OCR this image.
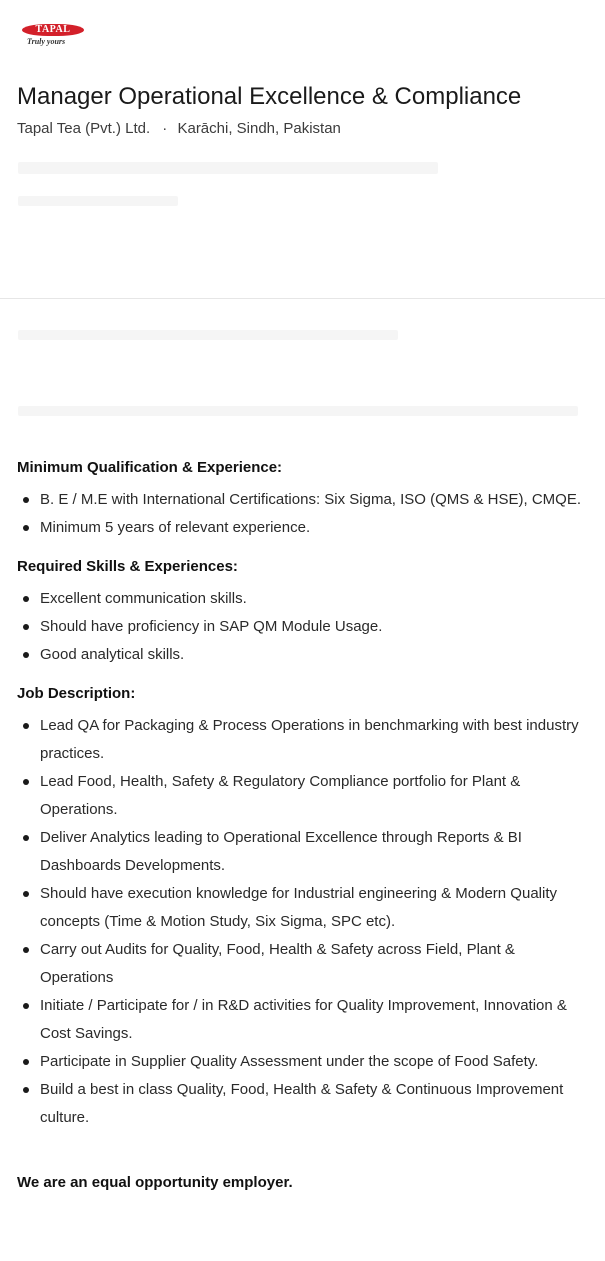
TAPAL
Truly yours
Manager Operational Excellence & Compliance
Tapal Tea (Pvt.) Ltd. · Karāchi, Sindh, Pakistan
Minimum Qualification & Experience:
B. E / M.E with International Certifications: Six Sigma, ISO (QMS & HSE), CMQE.
Minimum 5 years of relevant experience.
Required Skills & Experiences:
Excellent communication skills.
Should have proficiency in SAP QM Module Usage.
Good analytical skills.
Job Description:
Lead QA for Packaging & Process Operations in benchmarking with best industry practices.
Lead Food, Health, Safety & Regulatory Compliance portfolio for Plant & Operations.
Deliver Analytics leading to Operational Excellence through Reports & BI Dashboards Developments.
Should have execution knowledge for Industrial engineering & Modern Quality concepts (Time & Motion Study, Six Sigma, SPC etc).
Carry out Audits for Quality, Food, Health & Safety across Field, Plant & Operations
Initiate / Participate for / in R&D activities for Quality Improvement, Innovation & Cost Savings.
Participate in Supplier Quality Assessment under the scope of Food Safety.
Build a best in class Quality, Food, Health & Safety & Continuous Improvement culture.

We are an equal opportunity employer.
